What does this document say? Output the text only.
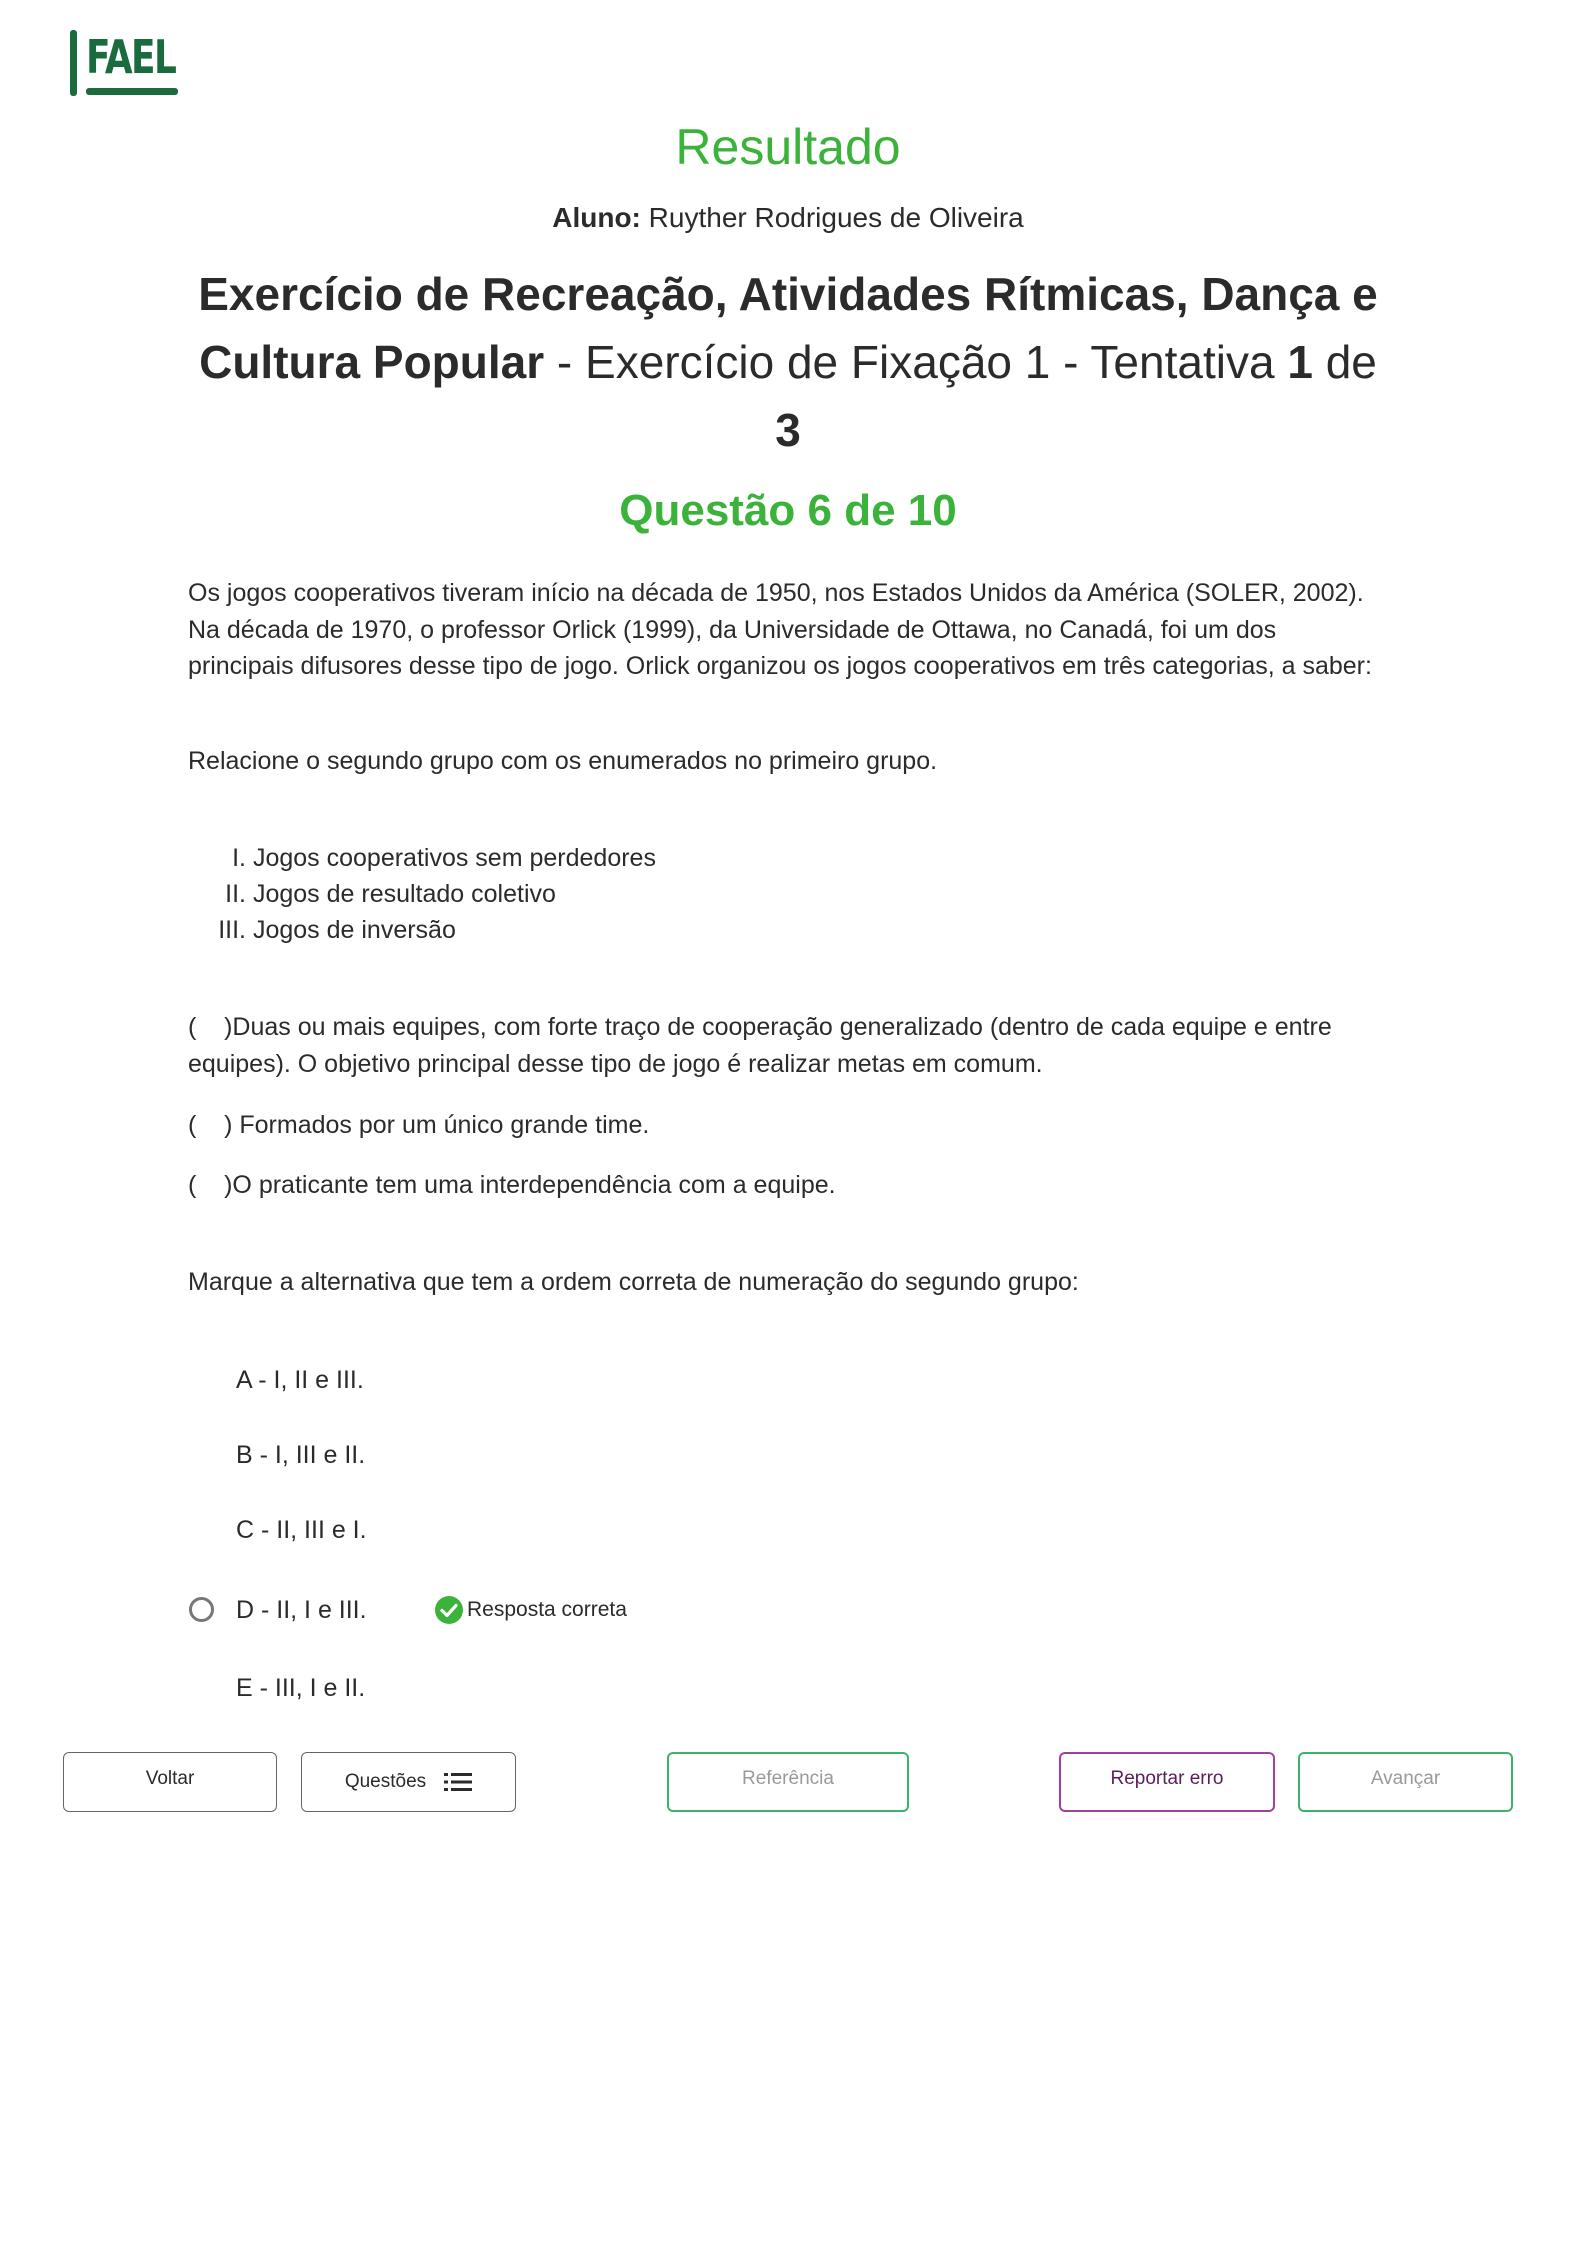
FAEL
Resultado
Aluno: Ruyther Rodrigues de Oliveira
Exercício de Recreação, Atividades Rítmicas, Dança e Cultura Popular - Exercício de Fixação 1 - Tentativa 1 de 3
Questão 6 de 10
Os jogos cooperativos tiveram início na década de 1950, nos Estados Unidos da América (SOLER, 2002). Na década de 1970, o professor Orlick (1999), da Universidade de Ottawa, no Canadá, foi um dos principais difusores desse tipo de jogo. Orlick organizou os jogos cooperativos em três categorias, a saber:
Relacione o segundo grupo com os enumerados no primeiro grupo.
I. Jogos cooperativos sem perdedores
II. Jogos de resultado coletivo
III. Jogos de inversão
(    )Duas ou mais equipes, com forte traço de cooperação generalizado (dentro de cada equipe e entre equipes). O objetivo principal desse tipo de jogo é realizar metas em comum.
(    ) Formados por um único grande time.
(    )O praticante tem uma interdependência com a equipe.
Marque a alternativa que tem a ordem correta de numeração do segundo grupo:
A - I, II e III.
B - I, III e II.
C - II, III e I.
D - II, I e III.	Resposta correta
E - III, I e II.
Voltar	Questões	Referência	Reportar erro	Avançar
